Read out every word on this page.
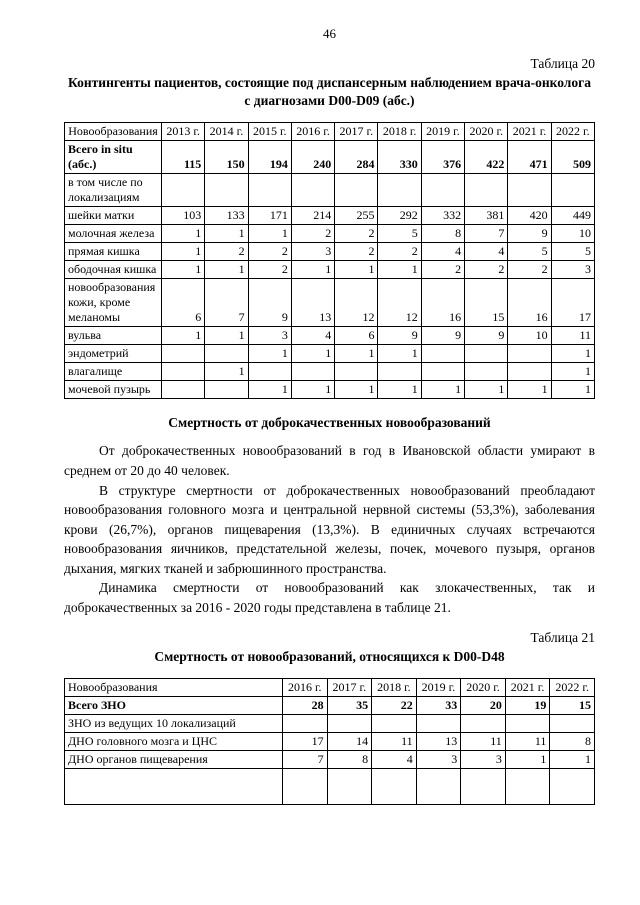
46
Таблица 20
Контингенты пациентов, состоящие под диспансерным наблюдением врача-онколога с диагнозами D00-D09 (абс.)
Новообразования	2013 г.	2014 г.	2015 г.	2016 г.	2017 г.	2018 г.	2019 г.	2020 г.	2021 г.	2022 г.
Всего in situ (абс.)	115	150	194	240	284	330	376	422	471	509
в том числе по локализациям										
шейки матки	103	133	171	214	255	292	332	381	420	449
молочная железа	1	1	1	2	2	5	8	7	9	10
прямая кишка	1	2	2	3	2	2	4	4	5	5
ободочная кишка	1	1	2	1	1	1	2	2	2	3
новообразования кожи, кроме меланомы	6	7	9	13	12	12	16	15	16	17
вульва	1	1	3	4	6	9	9	9	10	11
эндометрий			1	1	1	1				1
влагалище		1								1
мочевой пузырь			1	1	1	1	1	1	1	1
Смертность от доброкачественных новообразований

От доброкачественных новообразований в год в Ивановской области умирают в среднем от 20 до 40 человек.

В структуре смертности от доброкачественных новообразований преобладают новообразования головного мозга и центральной нервной системы (53,3%), заболевания крови (26,7%), органов пищеварения (13,3%). В единичных случаях встречаются новообразования яичников, предстательной железы, почек, мочевого пузыря, органов дыхания, мягких тканей и забрюшинного пространства.

Динамика смертности от новообразований как злокачественных, так и доброкачественных за 2016 - 2020 годы представлена в таблице 21.

Таблица 21
Смертность от новообразований, относящихся к D00-D48
Новообразования	2016 г.	2017 г.	2018 г.	2019 г.	2020 г.	2021 г.	2022 г.
Всего ЗНО	28	35	22	33	20	19	15
ЗНО из ведущих 10 локализаций							
ДНО головного мозга и ЦНС	17	14	11	13	11	11	8
ДНО органов пищеварения	7	8	4	3	3	1	1
